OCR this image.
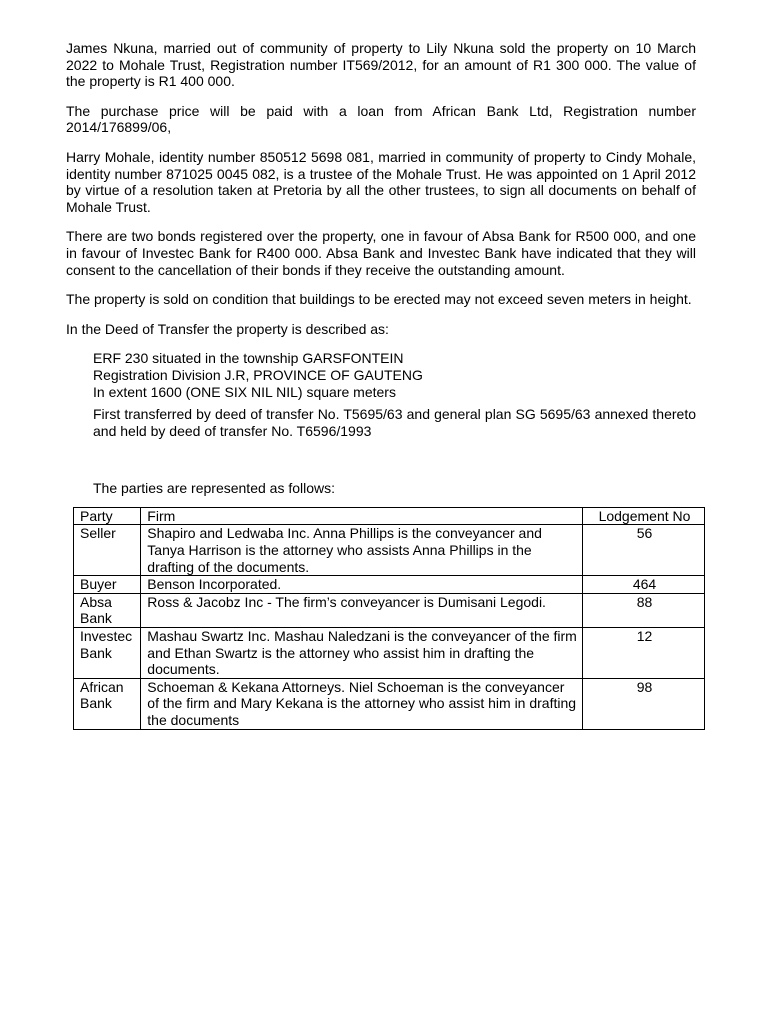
James Nkuna, married out of community of property to Lily Nkuna sold the property on 10 March 2022 to Mohale Trust, Registration number IT569/2012, for an amount of R1 300 000. The value of the property is R1 400 000.

The purchase price will be paid with a loan from African Bank Ltd, Registration number 2014/176899/06,

Harry Mohale, identity number 850512 5698 081, married in community of property to Cindy Mohale, identity number 871025 0045 082, is a trustee of the Mohale Trust. He was appointed on 1 April 2012 by virtue of a resolution taken at Pretoria by all the other trustees, to sign all documents on behalf of Mohale Trust.

There are two bonds registered over the property, one in favour of Absa Bank for R500 000, and one in favour of Investec Bank for R400 000. Absa Bank and Investec Bank have indicated that they will consent to the cancellation of their bonds if they receive the outstanding amount.

The property is sold on condition that buildings to be erected may not exceed seven meters in height.

In the Deed of Transfer the property is described as:

ERF 230 situated in the township GARSFONTEIN
Registration Division J.R, PROVINCE OF GAUTENG
In extent 1600 (ONE SIX NIL NIL) square meters

First transferred by deed of transfer No. T5695/63 and general plan SG 5695/63 annexed thereto and held by deed of transfer No. T6596/1993

The parties are represented as follows:

Party	Firm	Lodgement No
Seller	Shapiro and Ledwaba Inc. Anna Phillips is the conveyancer and Tanya Harrison is the attorney who assists Anna Phillips in the drafting of the documents.	56
Buyer	Benson Incorporated.	464
Absa Bank	Ross & Jacobz Inc - The firm’s conveyancer is Dumisani Legodi.	88
Investec Bank	Mashau Swartz Inc. Mashau Naledzani is the conveyancer of the firm and Ethan Swartz is the attorney who assist him in drafting the documents.	12
African Bank	Schoeman & Kekana Attorneys. Niel Schoeman is the conveyancer of the firm and Mary Kekana is the attorney who assist him in drafting the documents	98
